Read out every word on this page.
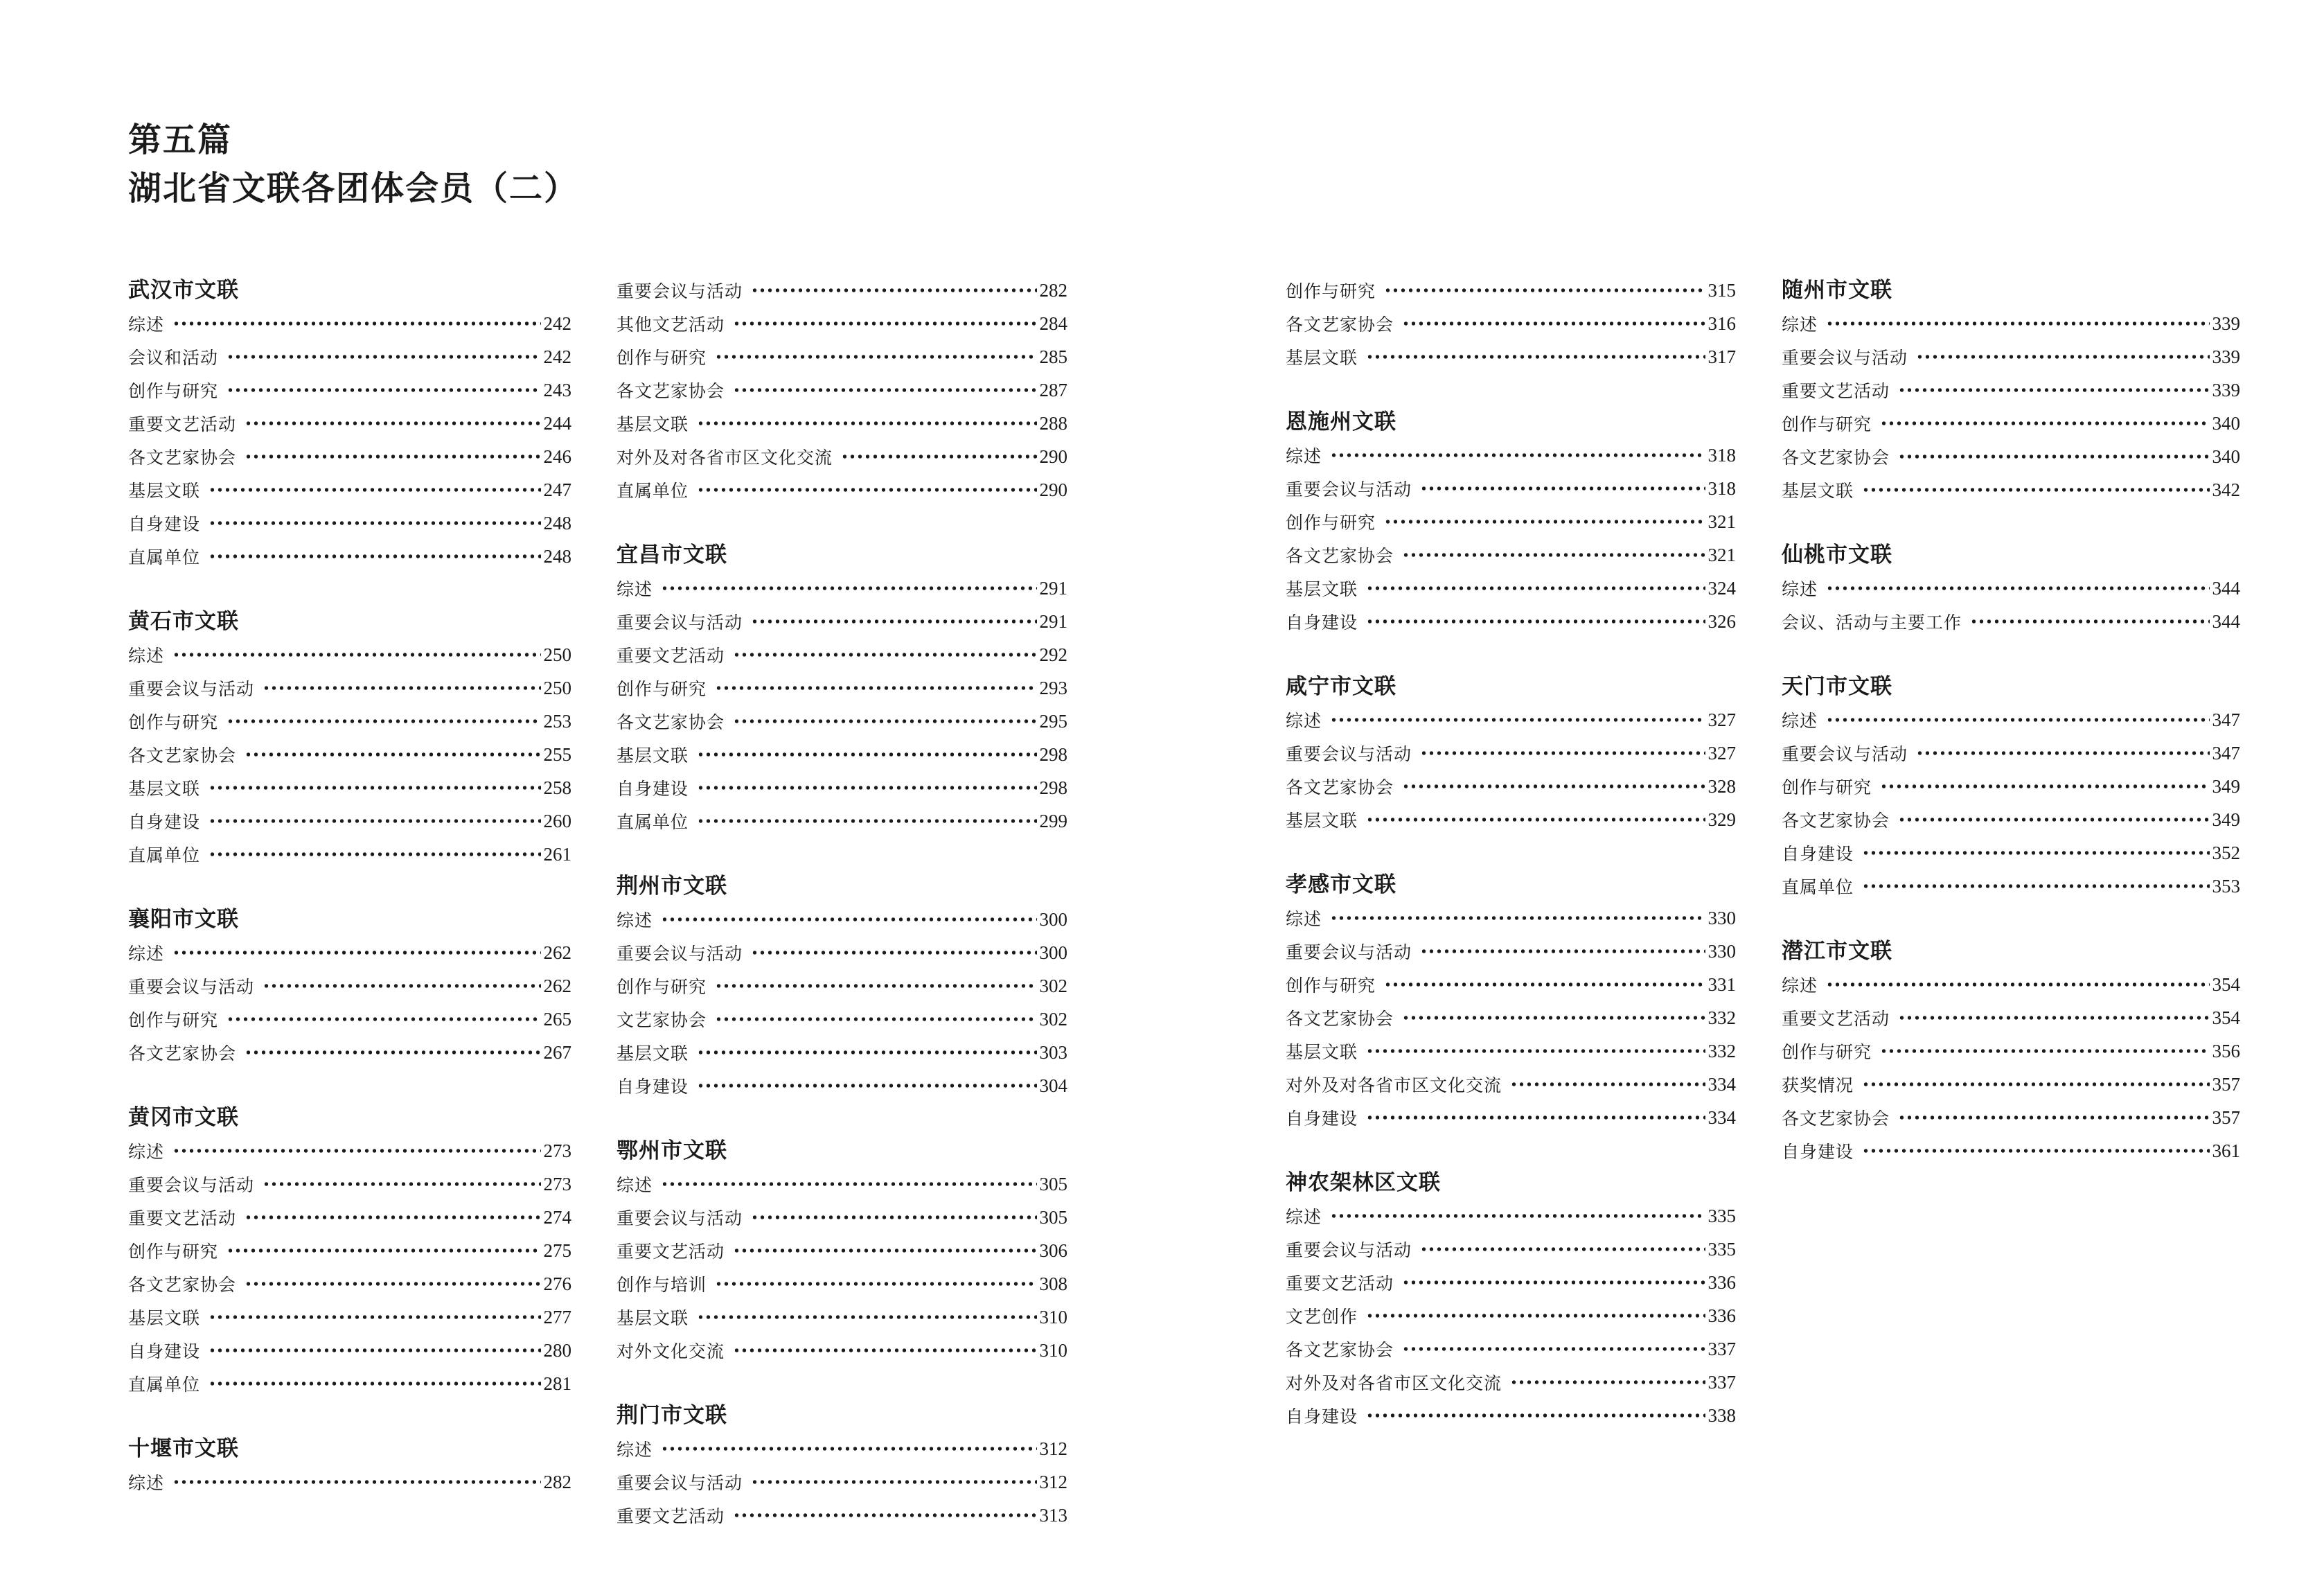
第五篇
湖北省文联各团体会员（二）
武汉市文联
综述	242
会议和活动	242
创作与研究	243
重要文艺活动	244
各文艺家协会	246
基层文联	247
自身建设	248
直属单位	248
黄石市文联
综述	250
重要会议与活动	250
创作与研究	253
各文艺家协会	255
基层文联	258
自身建设	260
直属单位	261
襄阳市文联
综述	262
重要会议与活动	262
创作与研究	265
各文艺家协会	267
黄冈市文联
综述	273
重要会议与活动	273
重要文艺活动	274
创作与研究	275
各文艺家协会	276
基层文联	277
自身建设	280
直属单位	281
十堰市文联
综述	282
重要会议与活动	282
其他文艺活动	284
创作与研究	285
各文艺家协会	287
基层文联	288
对外及对各省市区文化交流	290
直属单位	290
宜昌市文联
综述	291
重要会议与活动	291
重要文艺活动	292
创作与研究	293
各文艺家协会	295
基层文联	298
自身建设	298
直属单位	299
荆州市文联
综述	300
重要会议与活动	300
创作与研究	302
文艺家协会	302
基层文联	303
自身建设	304
鄂州市文联
综述	305
重要会议与活动	305
重要文艺活动	306
创作与培训	308
基层文联	310
对外文化交流	310
荆门市文联
综述	312
重要会议与活动	312
重要文艺活动	313
创作与研究	315
各文艺家协会	316
基层文联	317
恩施州文联
综述	318
重要会议与活动	318
创作与研究	321
各文艺家协会	321
基层文联	324
自身建设	326
咸宁市文联
综述	327
重要会议与活动	327
各文艺家协会	328
基层文联	329
孝感市文联
综述	330
重要会议与活动	330
创作与研究	331
各文艺家协会	332
基层文联	332
对外及对各省市区文化交流	334
自身建设	334
神农架林区文联
综述	335
重要会议与活动	335
重要文艺活动	336
文艺创作	336
各文艺家协会	337
对外及对各省市区文化交流	337
自身建设	338
随州市文联
综述	339
重要会议与活动	339
重要文艺活动	339
创作与研究	340
各文艺家协会	340
基层文联	342
仙桃市文联
综述	344
会议、活动与主要工作	344
天门市文联
综述	347
重要会议与活动	347
创作与研究	349
各文艺家协会	349
自身建设	352
直属单位	353
潜江市文联
综述	354
重要文艺活动	354
创作与研究	356
获奖情况	357
各文艺家协会	357
自身建设	361
